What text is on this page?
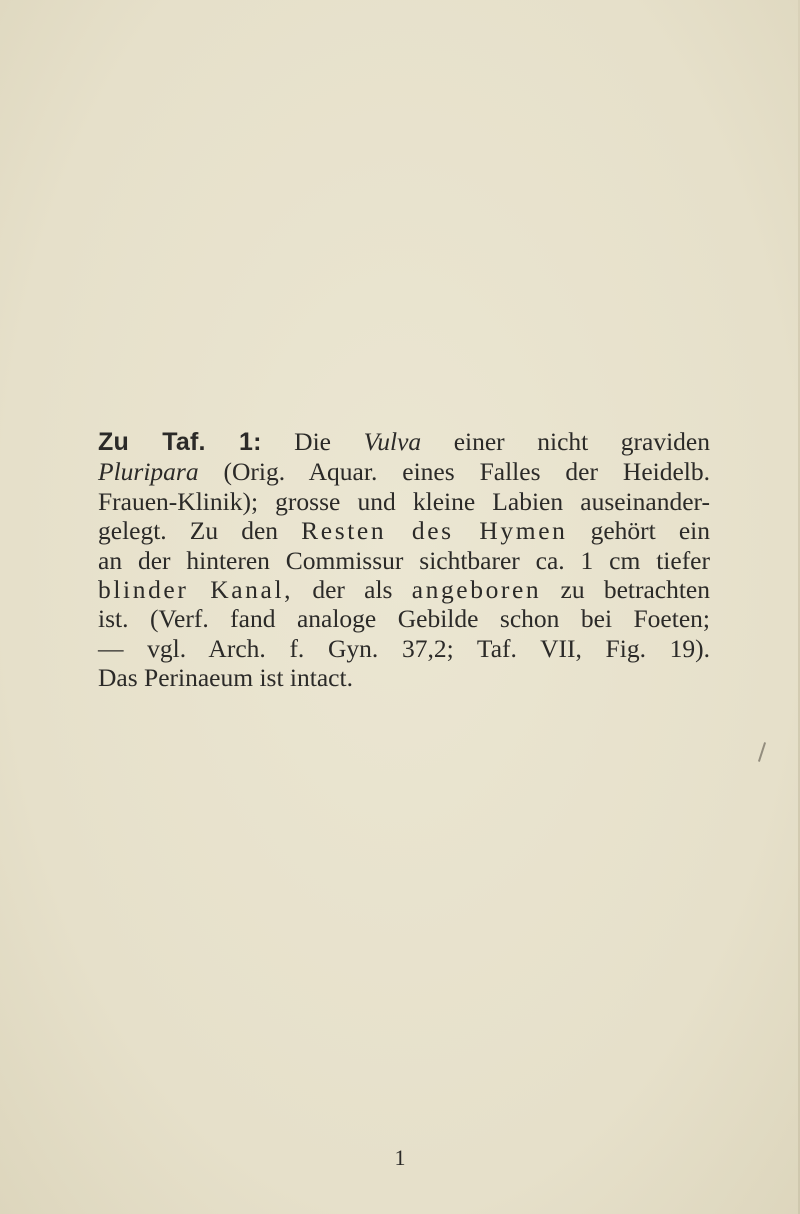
Zu Taf. 1: Die Vulva einer nicht graviden
Pluripara (Orig. Aquar. eines Falles der Heidelb.
Frauen-Klinik); grosse und kleine Labien auseinander-
gelegt. Zu den Resten des Hymen gehört ein
an der hinteren Commissur sichtbarer ca. 1 cm tiefer
blinder Kanal, der als angeboren zu betrachten
ist. (Verf. fand analoge Gebilde schon bei Foeten;
— vgl. Arch. f. Gyn. 37,2; Taf. VII, Fig. 19).
Das Perinaeum ist intact.
1
